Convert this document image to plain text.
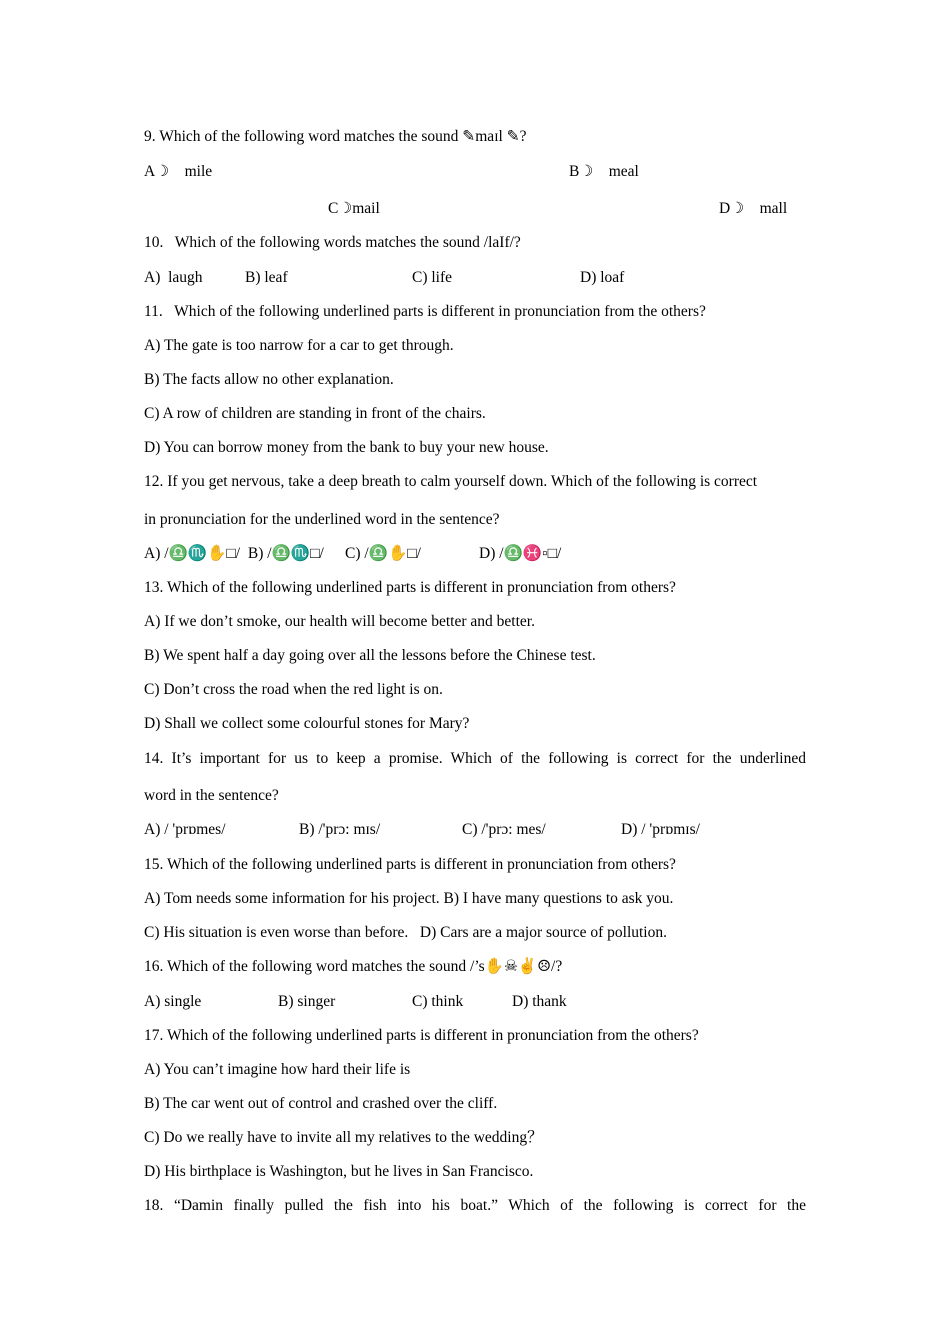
9. Which of the following word matches the sound ✎maɪl ✎?
A☽    mile	B☽    meal
C☽mail	D☽    mall
10.   Which of the following words matches the sound /laIf/?
A)  laugh	B) leaf	C) life	D) loaf
11.   Which of the following underlined parts is different in pronunciation from the others?
A) The gate is too narrow for a car to get through.
B) The facts allow no other explanation.
C) A row of children are standing in front of the chairs.
D) You can borrow money from the bank to buy your new house.
12. If you get nervous, take a deep breath to calm yourself down. Which of the following is correct
in pronunciation for the underlined word in the sentence?
A) /♎♏✋□/  B) /♎♏□/ C) /♎✋□/	D) /♎♓▫□/
13. Which of the following underlined parts is different in pronunciation from others?
A) If we don’t smoke, our health will become better and better.
B) We spent half a day going over all the lessons before the Chinese test.
C) Don’t cross the road when the red light is on.
D) Shall we collect some colourful stones for Mary?
14. It’s important for us to keep a promise. Which of the following is correct for the underlined
word in the sentence?
A) / 'prɒmes/	B) /'prɔ: mɪs/	C) /'prɔ: mes/	D) / 'prɒmɪs/
15. Which of the following underlined parts is different in pronunciation from others?
A) Tom needs some information for his project. B) I have many questions to ask you.
C) His situation is even worse than before.   D) Cars are a major source of pollution.
16. Which of the following word matches the sound /’s✋☠✌☹/?
A) single	B) singer	C) think	D) thank
17. Which of the following underlined parts is different in pronunciation from the others?
A) You can’t imagine how hard their life is
B) The car went out of control and crashed over the cliff.
C) Do we really have to invite all my relatives to the wedding？
D) His birthplace is Washington, but he lives in San Francisco.
18. “Damin finally pulled the fish into his boat.” Which of the following is correct for the
